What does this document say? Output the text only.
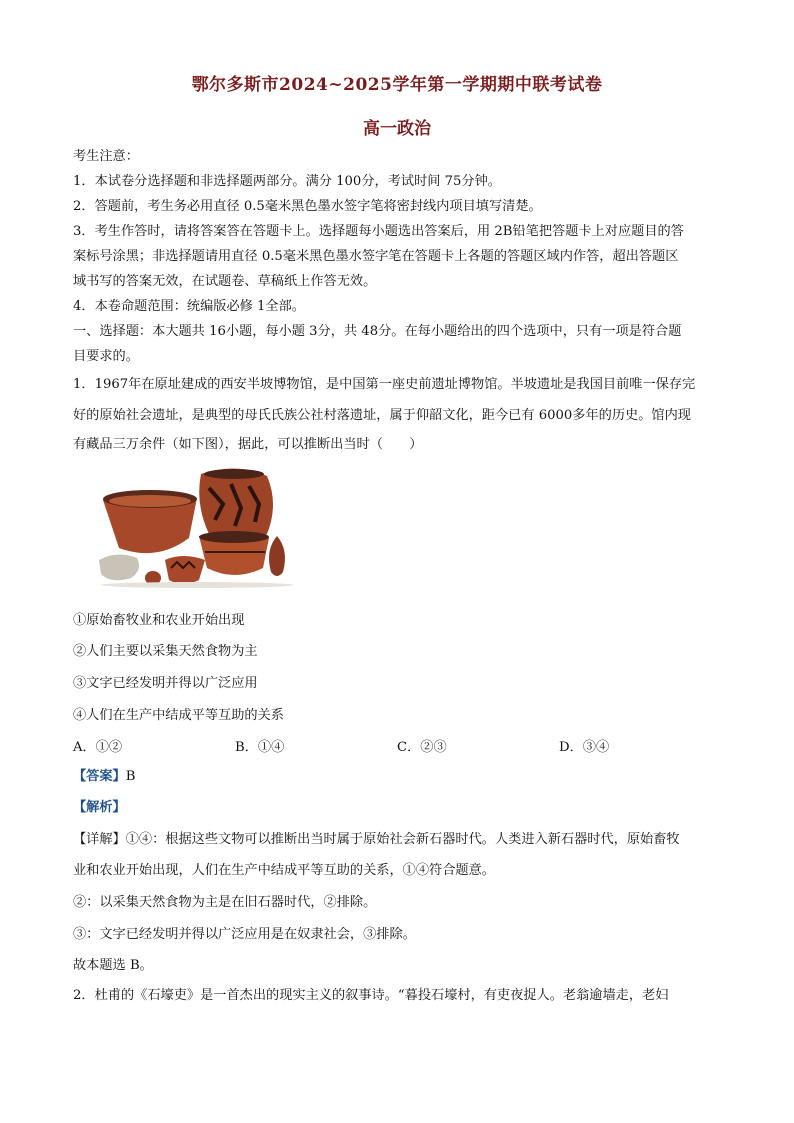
鄂尔多斯市2024~2025学年第一学期期中联考试卷
高一政治
考生注意：
1．本试卷分选择题和非选择题两部分。满分 100分，考试时间 75分钟。
2．答题前，考生务必用直径 0.5毫米黑色墨水签字笔将密封线内项目填写清楚。
3．考生作答时，请将答案答在答题卡上。选择题每小题选出答案后，用 2B铅笔把答题卡上对应题目的答
案标号涂黑；非选择题请用直径 0.5毫米黑色墨水签字笔在答题卡上各题的答题区域内作答，超出答题区
域书写的答案无效，在试题卷、草稿纸上作答无效。
4．本卷命题范围：统编版必修 1全部。
一、选择题：本大题共 16小题，每小题 3分，共 48分。在每小题给出的四个选项中，只有一项是符合题
目要求的。
1．1967年在原址建成的西安半坡博物馆，是中国第一座史前遗址博物馆。半坡遗址是我国目前唯一保存完
好的原始社会遗址，是典型的母氏氏族公社村落遗址，属于仰韶文化，距今已有 6000多年的历史。馆内现
有藏品三万余件（如下图），据此，可以推断出当时（　　）
①原始畜牧业和农业开始出现
②人们主要以采集天然食物为主
③文字已经发明并得以广泛应用
④人们在生产中结成平等互助的关系
A．①②	B．①④	C．②③	D．③④
【答案】B
【解析】
【详解】①④：根据这些文物可以推断出当时属于原始社会新石器时代。人类进入新石器时代，原始畜牧
业和农业开始出现，人们在生产中结成平等互助的关系，①④符合题意。
②：以采集天然食物为主是在旧石器时代，②排除。
③：文字已经发明并得以广泛应用是在奴隶社会，③排除。
故本题选 B。
2．杜甫的《石壕吏》是一首杰出的现实主义的叙事诗。“暮投石壕村，有吏夜捉人。老翁逾墙走，老妇
